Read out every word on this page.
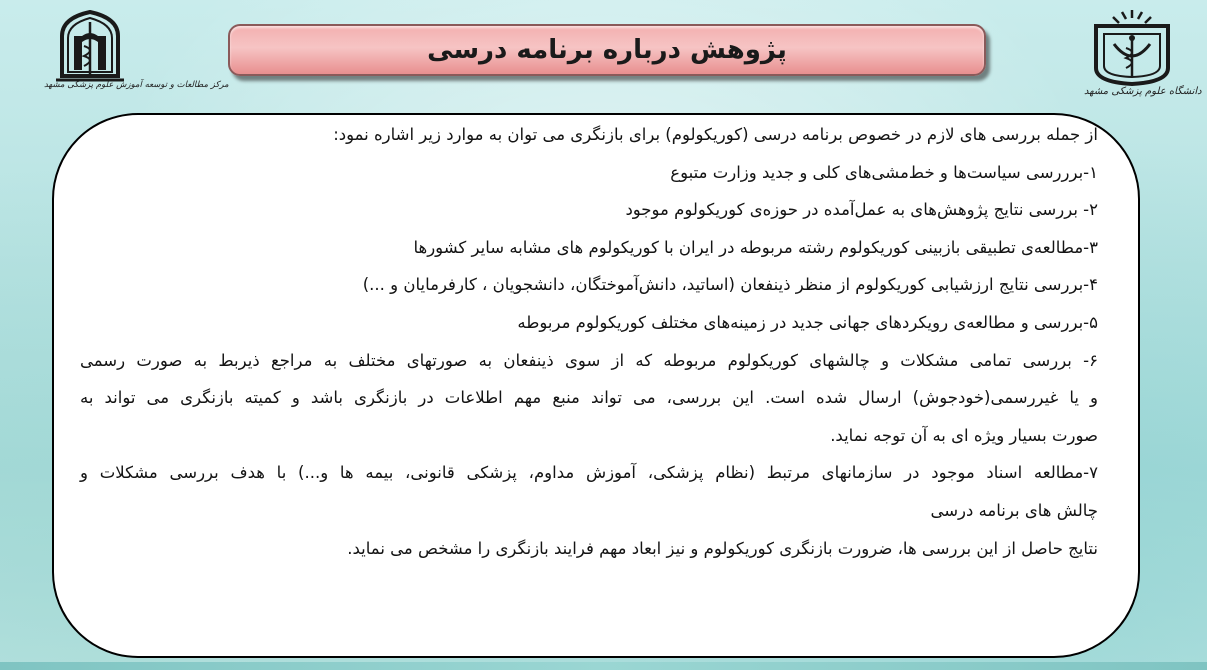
مرکز مطالعات و توسعه آموزش علوم پزشکی مشهد
پژوهش درباره برنامه درسی
دانشگاه علوم پزشکی مشهد
از جمله بررسی های لازم در خصوص برنامه درسی (کوریکولوم) برای بازنگری می توان به موارد زیر اشاره نمود:
۱-برررسی سیاست‌ها و خط‌مشی‌های کلی و جدید وزارت متبوع
۲- بررسی نتایج پژوهش‌های به عمل‌آمده در حوزه‌ی کوریکولوم موجود
۳-مطالعه‌ی تطبیقی بازبینی کوریکولوم رشته مربوطه در ایران با کوریکولوم های مشابه سایر کشورها
۴-بررسی نتایج ارزشیابی کوریکولوم از منظر ذینفعان (اساتید، دانش‌آموختگان، دانشجویان ، کارفرمایان و ...)
۵-بررسی و مطالعه‌ی رویکردهای جهانی جدید در زمینه‌های مختلف کوریکولوم مربوطه
۶- بررسی تمامی مشکلات و چالشهای کوریکولوم مربوطه که از سوی ذینفعان به صورتهای مختلف به مراجع ذیربط به صورت رسمی
و یا غیررسمی(خودجوش) ارسال شده است. این بررسی، می تواند منبع مهم اطلاعات در بازنگری باشد و کمیته بازنگری می تواند به
صورت بسیار ویژه ای به آن توجه نماید.
۷-مطالعه اسناد موجود در سازمانهای مرتبط (نظام پزشکی، آموزش مداوم، پزشکی قانونی، بیمه ها و...) با هدف بررسی مشکلات و
چالش های برنامه درسی
نتایج حاصل از این بررسی ها، ضرورت بازنگری کوریکولوم و نیز ابعاد مهم فرایند بازنگری را مشخص می نماید.
